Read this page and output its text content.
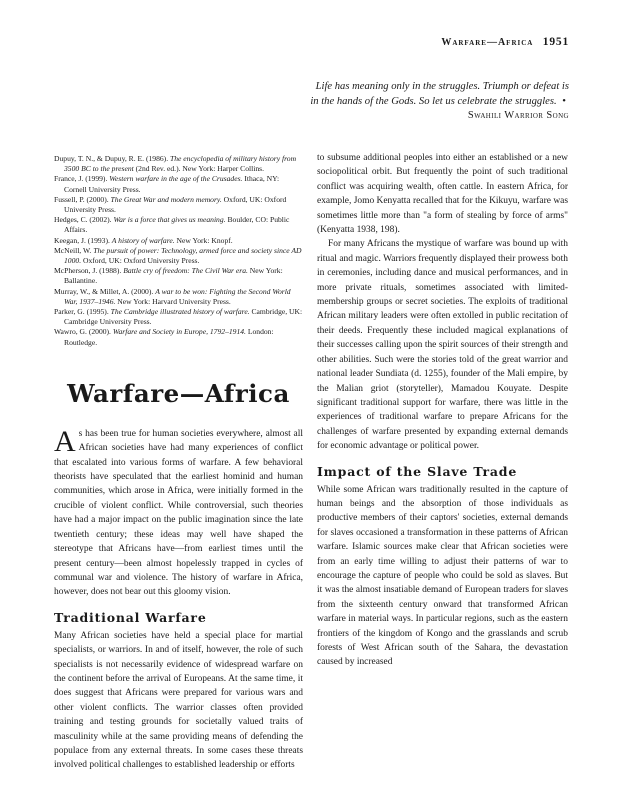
Warfare—Africa 1951
Life has meaning only in the struggles. Triumph or defeat is in the hands of the Gods. So let us celebrate the struggles. • Swahili Warrior Song
Dupuy, T. N., & Dupuy, R. E. (1986). The encyclopedia of military history from 3500 BC to the present (2nd Rev. ed.). New York: Harper Collins.
France, J. (1999). Western warfare in the age of the Crusades. Ithaca, NY: Cornell University Press.
Fussell, P. (2000). The Great War and modern memory. Oxford, UK: Oxford University Press.
Hedges, C. (2002). War is a force that gives us meaning. Boulder, CO: Public Affairs.
Keegan, J. (1993). A history of warfare. New York: Knopf.
McNeill, W. The pursuit of power: Technology, armed force and society since AD 1000. Oxford, UK: Oxford University Press.
McPherson, J. (1988). Battle cry of freedom: The Civil War era. New York: Ballantine.
Murray, W., & Millet, A. (2000). A war to be won: Fighting the Second World War, 1937–1946. New York: Harvard University Press.
Parker, G. (1995). The Cambridge illustrated history of warfare. Cambridge, UK: Cambridge University Press.
Wawro, G. (2000). Warfare and Society in Europe, 1792–1914. London: Routledge.
Warfare—Africa

As has been true for human societies everywhere, almost all African societies have had many experiences of conflict that escalated into various forms of warfare. A few behavioral theorists have speculated that the earliest hominid and human communities, which arose in Africa, were initially formed in the crucible of violent conflict. While controversial, such theories have had a major impact on the public imagination since the late twentieth century; these ideas may well have shaped the stereotype that Africans have—from earliest times until the present century—been almost hopelessly trapped in cycles of communal war and violence. The history of warfare in Africa, however, does not bear out this gloomy vision.

Traditional Warfare

Many African societies have held a special place for martial specialists, or warriors. In and of itself, however, the role of such specialists is not necessarily evidence of widespread warfare on the continent before the arrival of Europeans. At the same time, it does suggest that Africans were prepared for various wars and other violent conflicts. The warrior classes often provided training and testing grounds for societally valued traits of masculinity while at the same providing means of defending the populace from any external threats. In some cases these threats involved political challenges to established leadership or efforts

to subsume additional peoples into either an established or a new sociopolitical orbit. But frequently the point of such traditional conflict was acquiring wealth, often cattle. In eastern Africa, for example, Jomo Kenyatta recalled that for the Kikuyu, warfare was sometimes little more than "a form of stealing by force of arms" (Kenyatta 1938, 198).

For many Africans the mystique of warfare was bound up with ritual and magic. Warriors frequently displayed their prowess both in ceremonies, including dance and musical performances, and in more private rituals, sometimes associated with limited-membership groups or secret societies. The exploits of traditional African military leaders were often extolled in public recitation of their deeds. Frequently these included magical explanations of their successes calling upon the spirit sources of their strength and other abilities. Such were the stories told of the great warrior and national leader Sundiata (d. 1255), founder of the Mali empire, by the Malian griot (storyteller), Mamadou Kouyate. Despite significant traditional support for warfare, there was little in the experiences of traditional warfare to prepare Africans for the challenges of warfare presented by expanding external demands for economic advantage or political power.

Impact of the Slave Trade

While some African wars traditionally resulted in the capture of human beings and the absorption of those individuals as productive members of their captors' societies, external demands for slaves occasioned a transformation in these patterns of African warfare. Islamic sources make clear that African societies were from an early time willing to adjust their patterns of war to encourage the capture of people who could be sold as slaves. But it was the almost insatiable demand of European traders for slaves from the sixteenth century onward that transformed African warfare in material ways. In particular regions, such as the eastern frontiers of the kingdom of Kongo and the grasslands and scrub forests of West African south of the Sahara, the devastation caused by increased
